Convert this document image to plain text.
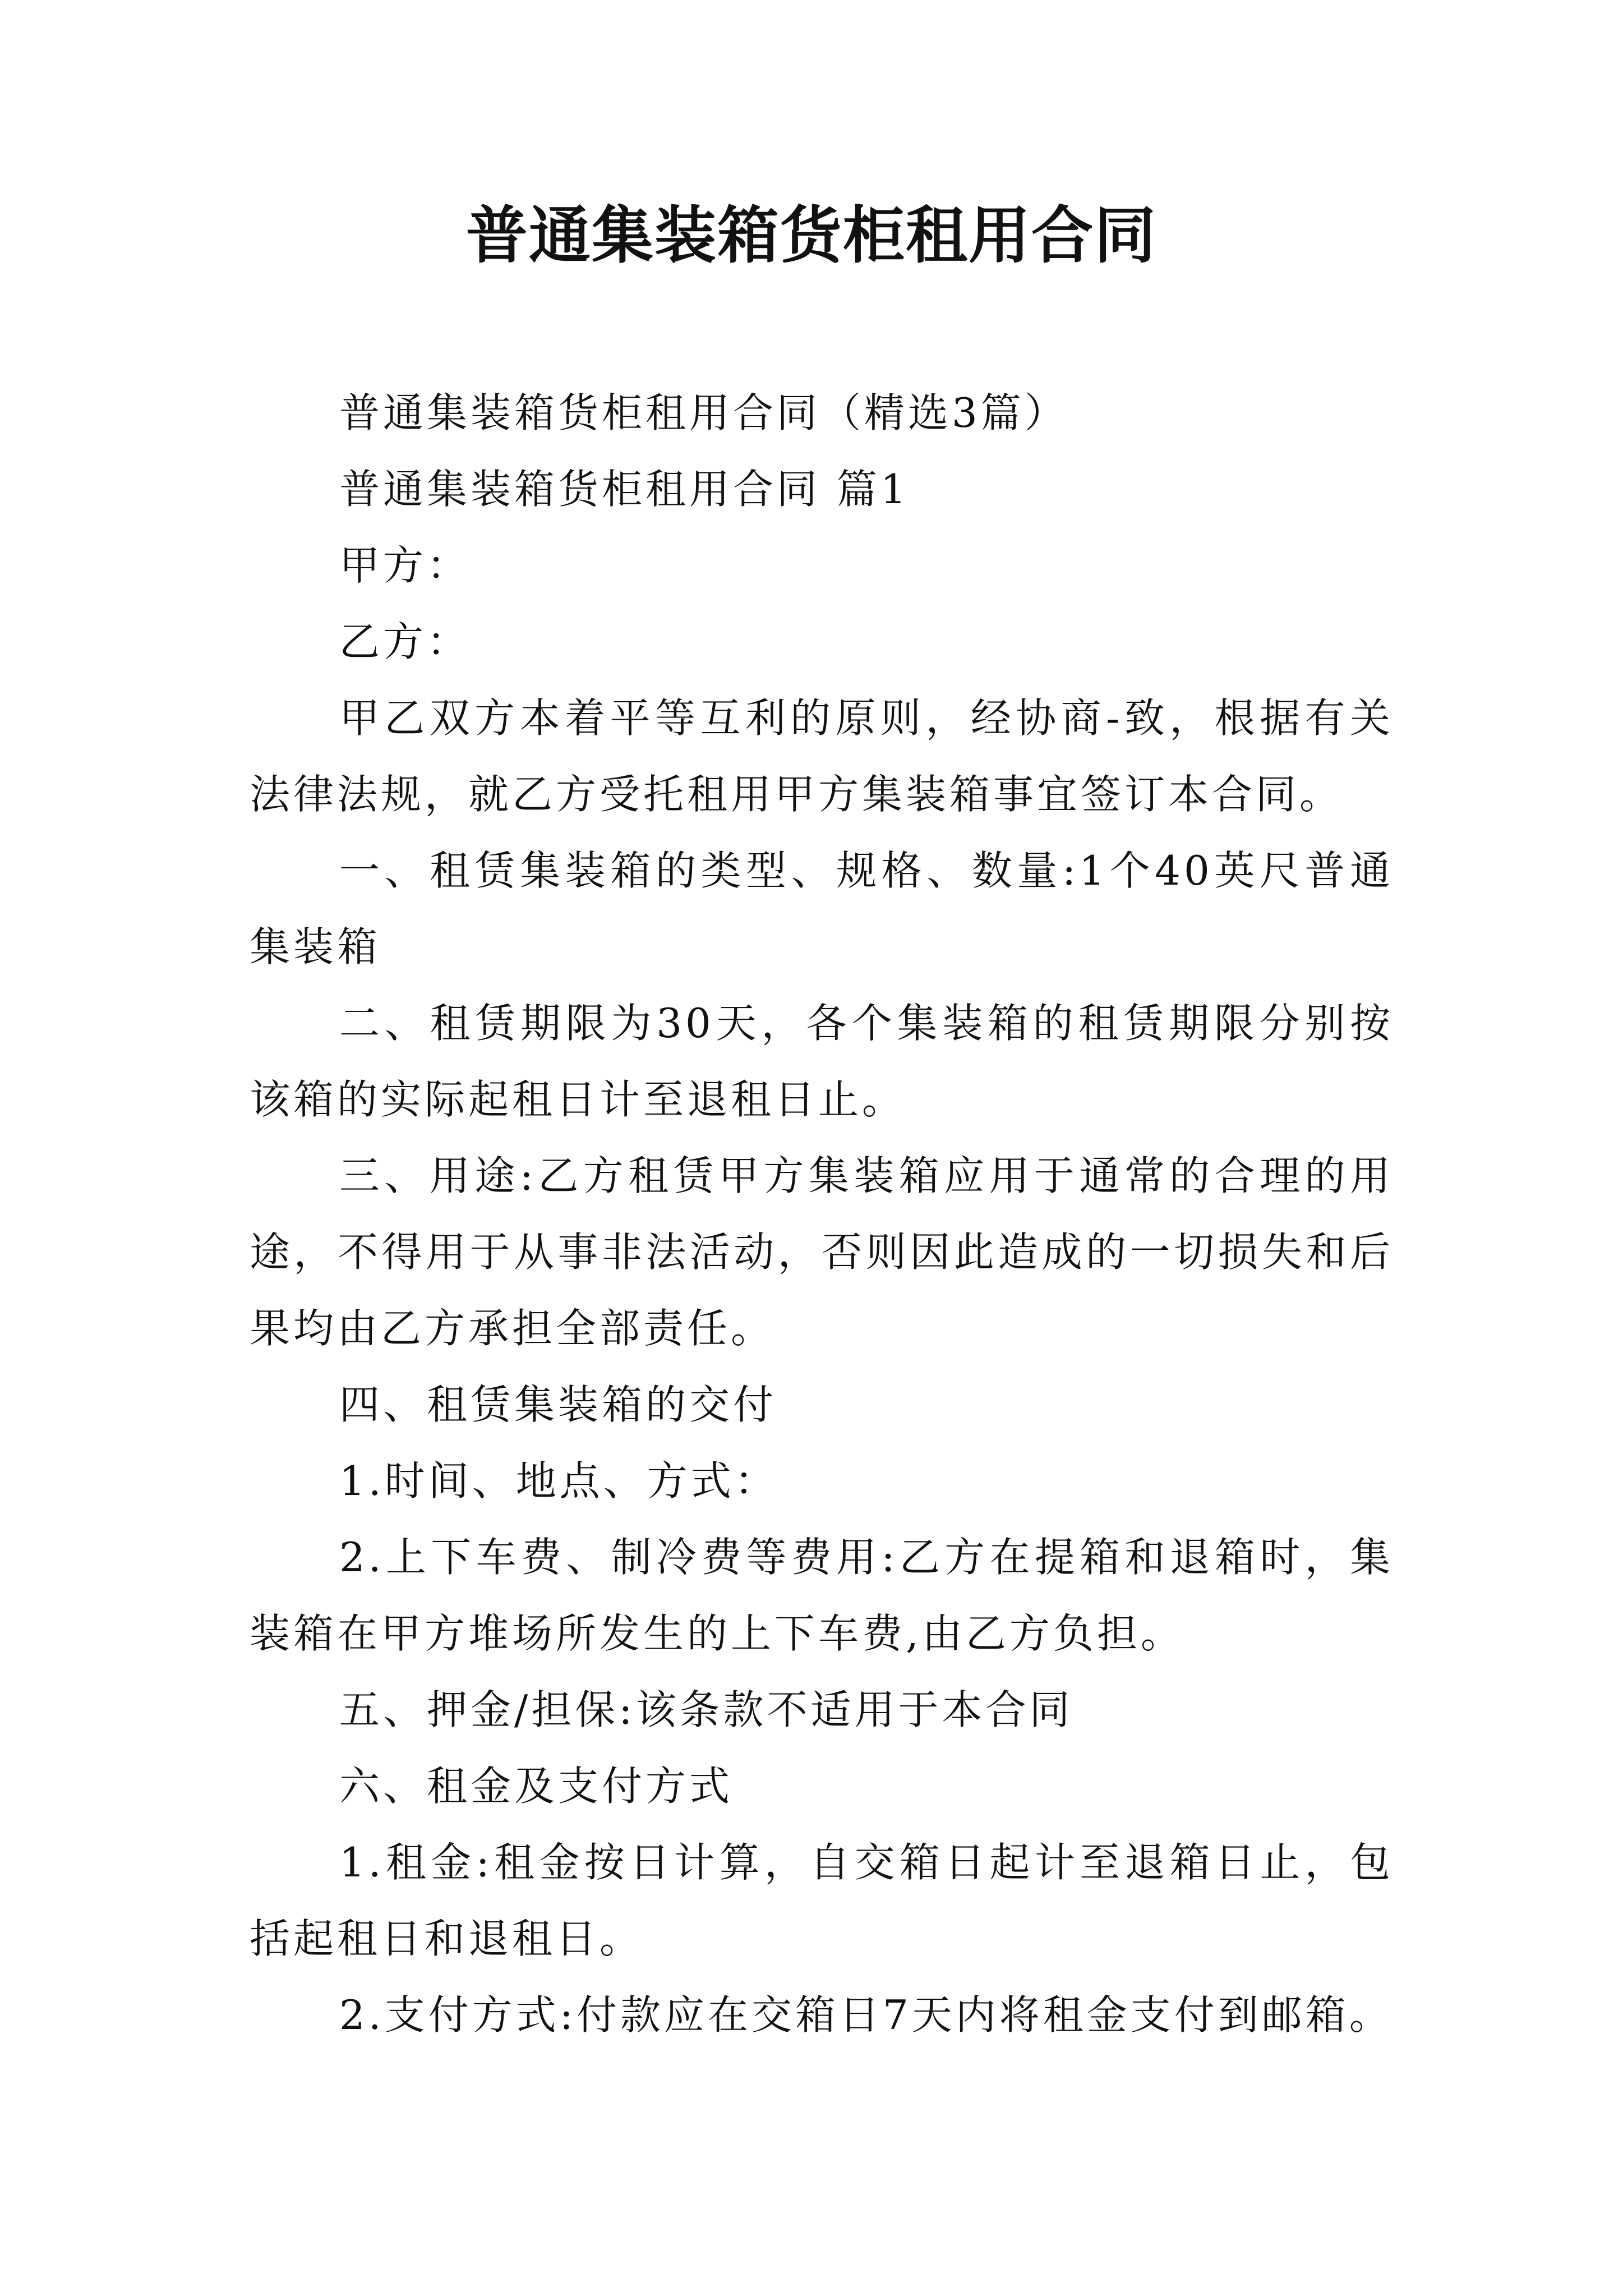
普通集装箱货柜租用合同

普通集装箱货柜租用合同（精选3篇）

普通集装箱货柜租用合同 篇1

甲方：

乙方：

甲乙双方本着平等互利的原则，经协商-致，根据有关法律法规，就乙方受托租用甲方集装箱事宜签订本合同。

一、租赁集装箱的类型、规格、数量:1个40英尺普通集装箱

二、租赁期限为30天，各个集装箱的租赁期限分别按该箱的实际起租日计至退租日止。

三、用途:乙方租赁甲方集装箱应用于通常的合理的用途，不得用于从事非法活动，否则因此造成的一切损失和后果均由乙方承担全部责任。

四、租赁集装箱的交付

1.时间、地点、方式：

2.上下车费、制冷费等费用:乙方在提箱和退箱时，集装箱在甲方堆场所发生的上下车费,由乙方负担。

五、押金/担保:该条款不适用于本合同

六、租金及支付方式

1.租金:租金按日计算，自交箱日起计至退箱日止，包括起租日和退租日。

2.支付方式:付款应在交箱日7天内将租金支付到邮箱。
